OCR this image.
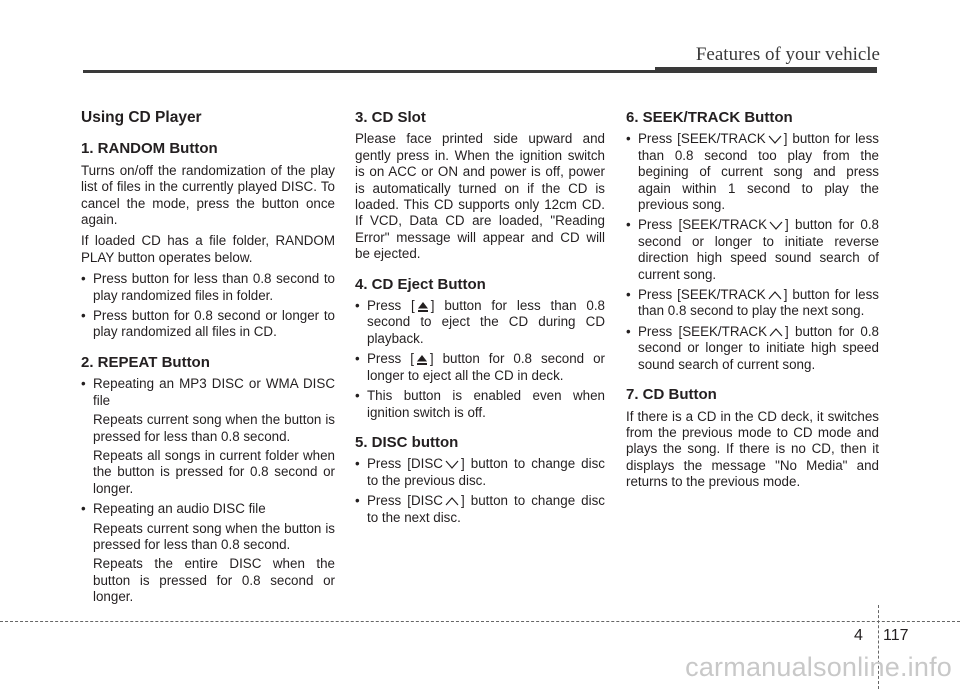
Features of your vehicle
Using CD Player
1. RANDOM Button

Turns on/off the randomization of the play list of files in the currently played DISC. To cancel the mode, press the button once again.

If loaded CD has a file folder, RANDOM PLAY button operates below.

• Press button for less than 0.8 second to play randomized files in folder.
• Press button for 0.8 second or longer to play randomized all files in CD.
2. REPEAT Button
• Repeating an MP3 DISC or WMA DISC file

Repeats current song when the button is pressed for less than 0.8 second.

Repeats all songs in current folder when the button is pressed for 0.8 second or longer.

• Repeating an audio DISC file

Repeats current song when the button is pressed for less than 0.8 second.

Repeats the entire DISC when the button is pressed for 0.8 second or longer.

3. CD Slot

Please face printed side upward and gently press in. When the ignition switch is on ACC or ON and power is off, power is automatically turned on if the CD is loaded. This CD supports only 12cm CD. If VCD, Data CD are loaded, "Reading Error" message will appear and CD will be ejected.

4. CD Eject Button
• Press [ ] button for less than 0.8 second to eject the CD during CD playback.
• Press [ ] button for 0.8 second or longer to eject all the CD in deck.
• This button is enabled even when ignition switch is off.
5. DISC button
• Press [DISC ] button to change disc to the previous disc.
• Press [DISC ] button to change disc to the next disc.
6. SEEK/TRACK Button
• Press [SEEK/TRACK ] button for less than 0.8 second too play from the begining of current song and press again within 1 second to play the previous song.
• Press [SEEK/TRACK ] button for 0.8 second or longer to initiate reverse direction high speed sound search of current song.
• Press [SEEK/TRACK ] button for less than 0.8 second to play the next song.
• Press [SEEK/TRACK ] button for 0.8 second or longer to initiate high speed sound search of current song.
7. CD Button

If there is a CD in the CD deck, it switches from the previous mode to CD mode and plays the song. If there is no CD, then it displays the message "No Media" and returns to the previous mode.

4 117
carmanualsonline.info
